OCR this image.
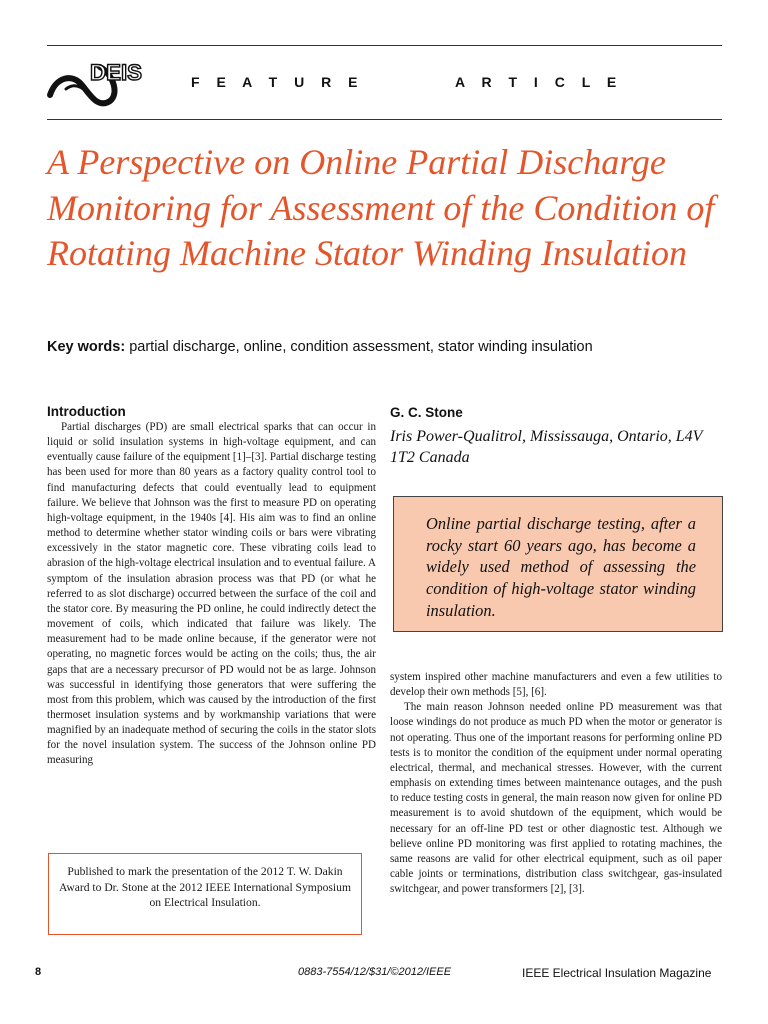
DEIS	F E A T U R E	A R T I C L E
A Perspective on Online Partial Discharge Monitoring for Assessment of the Condition of Rotating Machine Stator Winding Insulation
Key words: partial discharge, online, condition assessment, stator winding insulation
Introduction

Partial discharges (PD) are small electrical sparks that can occur in liquid or solid insulation systems in high-voltage equipment, and can eventually cause failure of the equipment [1]–[3]. Partial discharge testing has been used for more than 80 years as a factory quality control tool to find manufacturing defects that could eventually lead to equipment failure. We believe that Johnson was the first to measure PD on operating high-voltage equipment, in the 1940s [4]. His aim was to find an online method to determine whether stator winding coils or bars were vibrating excessively in the stator magnetic core. These vibrating coils lead to abrasion of the high-voltage electrical insulation and to eventual failure. A symptom of the insulation abrasion process was that PD (or what he referred to as slot discharge) occurred between the surface of the coil and the stator core. By measuring the PD online, he could indirectly detect the movement of coils, which indicated that failure was likely. The measurement had to be made online because, if the generator were not operating, no magnetic forces would be acting on the coils; thus, the air gaps that are a necessary precursor of PD would not be as large. Johnson was successful in identifying those generators that were suffering the most from this problem, which was caused by the introduction of the first thermoset insulation systems and by workmanship variations that were magnified by an inadequate method of securing the coils in the stator slots for the novel insulation system. The success of the Johnson online PD measuring

G. C. Stone
Iris Power-Qualitrol, Mississauga, Ontario, L4V 1T2 Canada
Online partial discharge testing, after a rocky start 60 years ago, has become a widely used method of assessing the condition of high-voltage stator winding insulation.

system inspired other machine manufacturers and even a few utilities to develop their own methods [5], [6].

The main reason Johnson needed online PD measurement was that loose windings do not produce as much PD when the motor or generator is not operating. Thus one of the important reasons for performing online PD tests is to monitor the condition of the equipment under normal operating electrical, thermal, and mechanical stresses. However, with the current emphasis on extending times between maintenance outages, and the push to reduce testing costs in general, the main reason now given for online PD measurement is to avoid shutdown of the equipment, which would be necessary for an off-line PD test or other diagnostic test. Although we believe online PD monitoring was first applied to rotating machines, the same reasons are valid for other electrical equipment, such as oil paper cable joints or terminations, distribution class switchgear, gas-insulated switchgear, and power transformers [2], [3].

Published to mark the presentation of the 2012 T. W. Dakin Award to Dr. Stone at the 2012 IEEE International Symposium on Electrical Insulation.
8	0883-7554/12/$31/©2012/IEEE	IEEE Electrical Insulation Magazine
